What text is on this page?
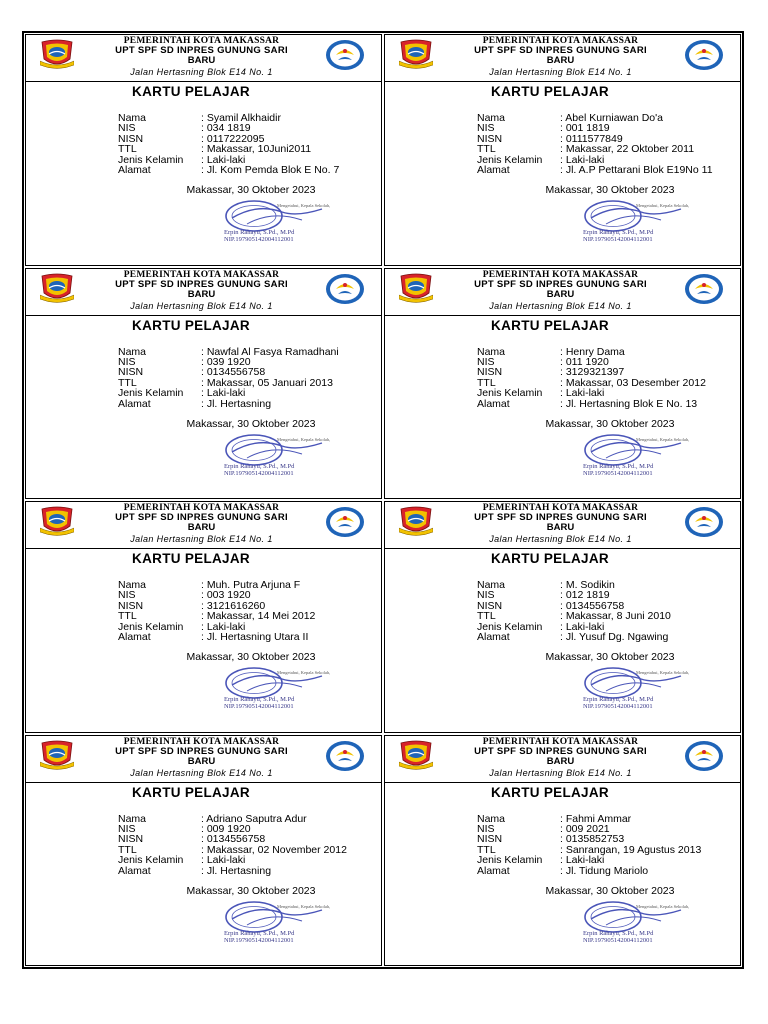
PEMERINTAH KOTA MAKASSAR
UPT SPF SD INPRES GUNUNG SARI
BARU
Jalan Hertasning Blok E14 No. 1
KARTU PELAJAR
Nama	: Syamil Alkhaidir
NIS	: 034 1819
NISN	: 0117222095
TTL	: Makassar, 10Juni2011
Jenis Kelamin	: Laki-laki
Alamat	: Jl. Kom Pemda Blok E No. 7
Makassar, 30 Oktober 2023
Mengetahui, Kepala Sekolah,
Erpin Rahayu, S.Pd., M.Pd
NIP.197905142004112001
PEMERINTAH KOTA MAKASSAR
UPT SPF SD INPRES GUNUNG SARI
BARU
Jalan Hertasning Blok E14 No. 1
KARTU PELAJAR
Nama	: Abel Kurniawan Do'a
NIS	: 001 1819
NISN	: 0111577849
TTL	: Makassar, 22 Oktober 2011
Jenis Kelamin	: Laki-laki
Alamat	: Jl. A.P Pettarani Blok E19No 11
Makassar, 30 Oktober 2023
Mengetahui, Kepala Sekolah,
Erpin Rahayu, S.Pd., M.Pd
NIP.197905142004112001
PEMERINTAH KOTA MAKASSAR
UPT SPF SD INPRES GUNUNG SARI
BARU
Jalan Hertasning Blok E14 No. 1
KARTU PELAJAR
Nama	: Nawfal Al Fasya Ramadhani
NIS	: 039 1920
NISN	: 0134556758
TTL	: Makassar, 05 Januari 2013
Jenis Kelamin	: Laki-laki
Alamat	: Jl. Hertasning
Makassar, 30 Oktober 2023
Mengetahui, Kepala Sekolah,
Erpin Rahayu, S.Pd., M.Pd
NIP.197905142004112001
PEMERINTAH KOTA MAKASSAR
UPT SPF SD INPRES GUNUNG SARI
BARU
Jalan Hertasning Blok E14 No. 1
KARTU PELAJAR
Nama	: Henry Dama
NIS	: 011 1920
NISN	: 3129321397
TTL	: Makassar, 03 Desember 2012
Jenis Kelamin	: Laki-laki
Alamat	: Jl. Hertasning Blok E No. 13
Makassar, 30 Oktober 2023
Mengetahui, Kepala Sekolah,
Erpin Rahayu, S.Pd., M.Pd
NIP.197905142004112001
PEMERINTAH KOTA MAKASSAR
UPT SPF SD INPRES GUNUNG SARI
BARU
Jalan Hertasning Blok E14 No. 1
KARTU PELAJAR
Nama	: Muh. Putra Arjuna F
NIS	: 003 1920
NISN	: 3121616260
TTL	: Makassar, 14 Mei 2012
Jenis Kelamin	: Laki-laki
Alamat	: Jl. Hertasning Utara II
Makassar, 30 Oktober 2023
Mengetahui, Kepala Sekolah,
Erpin Rahayu, S.Pd., M.Pd
NIP.197905142004112001
PEMERINTAH KOTA MAKASSAR
UPT SPF SD INPRES GUNUNG SARI
BARU
Jalan Hertasning Blok E14 No. 1
KARTU PELAJAR
Nama	: M. Sodikin
NIS	: 012 1819
NISN	: 0134556758
TTL	: Makassar, 8 Juni 2010
Jenis Kelamin	: Laki-laki
Alamat	: Jl. Yusuf Dg. Ngawing
Makassar, 30 Oktober 2023
Mengetahui, Kepala Sekolah,
Erpin Rahayu, S.Pd., M.Pd
NIP.197905142004112001
PEMERINTAH KOTA MAKASSAR
UPT SPF SD INPRES GUNUNG SARI
BARU
Jalan Hertasning Blok E14 No. 1
KARTU PELAJAR
Nama	: Adriano Saputra Adur
NIS	: 009 1920
NISN	: 0134556758
TTL	: Makassar, 02 November 2012
Jenis Kelamin	: Laki-laki
Alamat	: Jl. Hertasning
Makassar, 30 Oktober 2023
Mengetahui, Kepala Sekolah,
Erpin Rahayu, S.Pd., M.Pd
NIP.197905142004112001
PEMERINTAH KOTA MAKASSAR
UPT SPF SD INPRES GUNUNG SARI
BARU
Jalan Hertasning Blok E14 No. 1
KARTU PELAJAR
Nama	: Fahmi Ammar
NIS	: 009 2021
NISN	: 0135852753
TTL	: Sanrangan, 19 Agustus 2013
Jenis Kelamin	: Laki-laki
Alamat	: Jl. Tidung Mariolo
Makassar, 30 Oktober 2023
Mengetahui, Kepala Sekolah,
Erpin Rahayu, S.Pd., M.Pd
NIP.197905142004112001
